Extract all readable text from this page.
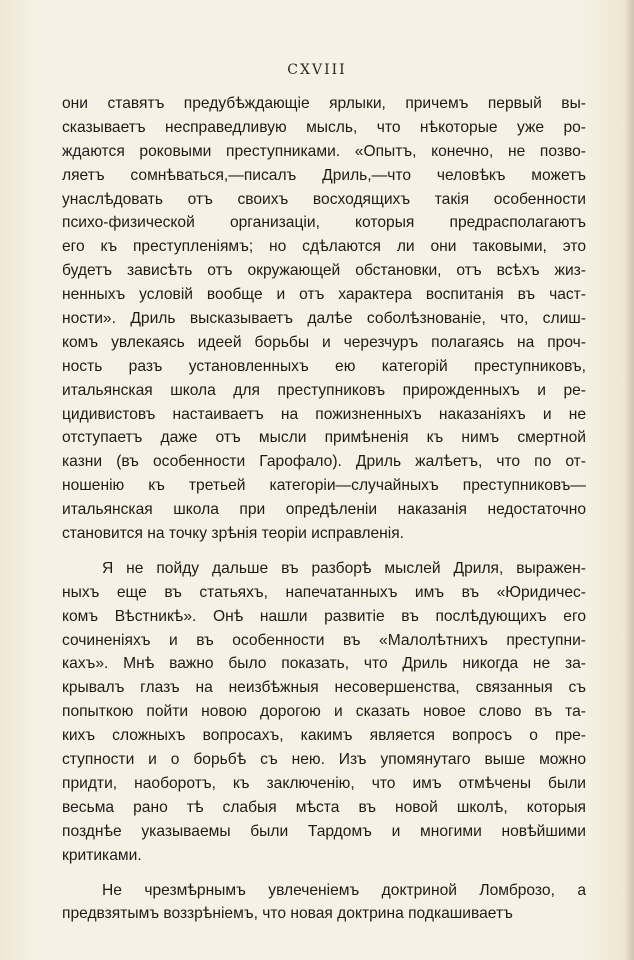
CXVIII
они ставятъ предубѣждающіе ярлыки, причемъ первый вы-
сказываетъ несправедливую мысль, что нѣкоторые уже ро-
ждаются роковыми преступниками. «Опытъ, конечно, не позво-
ляетъ сомнѣваться,—писалъ Дриль,—что человѣкъ можетъ
унаслѣдовать отъ своихъ восходящихъ такія особенности
психо-физической организаціи, которыя предрасполагаютъ
его къ преступленіямъ; но сдѣлаются ли они таковыми, это
будетъ зависѣть отъ окружающей обстановки, отъ всѣхъ жиз-
ненныхъ условій вообще и отъ характера воспитанія въ част-
ности». Дриль высказываетъ далѣе соболѣзнованіе, что, слиш-
комъ увлекаясь идеей борьбы и черезчуръ полагаясь на проч-
ность разъ установленныхъ ею категорій преступниковъ,
итальянская школа для преступниковъ прирожденныхъ и ре-
цидивистовъ настаиваетъ на пожизненныхъ наказаніяхъ и не
отступаетъ даже отъ мысли примѣненія къ нимъ смертной
казни (въ особенности Гарофало). Дриль жалѣетъ, что по от-
ношенію къ третьей категоріи—случайныхъ преступниковъ—
итальянская школа при опредѣленіи наказанія недостаточно
становится на точку зрѣнія теоріи исправленія.
Я не пойду дальше въ разборѣ мыслей Дриля, выражен-
ныхъ еще въ статьяхъ, напечатанныхъ имъ въ «Юридичес-
комъ Вѣстникѣ». Онѣ нашли развитіе въ послѣдующихъ его
сочиненіяхъ и въ особенности въ «Малолѣтнихъ преступни-
кахъ». Мнѣ важно было показать, что Дриль никогда не за-
крывалъ глазъ на неизбѣжныя несовершенства, связанныя съ
попыткою пойти новою дорогою и сказать новое слово въ та-
кихъ сложныхъ вопросахъ, какимъ является вопросъ о пре-
ступности и о борьбѣ съ нею. Изъ упомянутаго выше можно
придти, наоборотъ, къ заключенію, что имъ отмѣчены были
весьма рано тѣ слабыя мѣста въ новой школѣ, которыя
позднѣе указываемы были Тардомъ и многими новѣйшими
критиками.
Не чрезмѣрнымъ увлеченіемъ доктриной Ломброзо, а
предвзятымъ воззрѣніемъ, что новая доктрина подкашиваетъ
